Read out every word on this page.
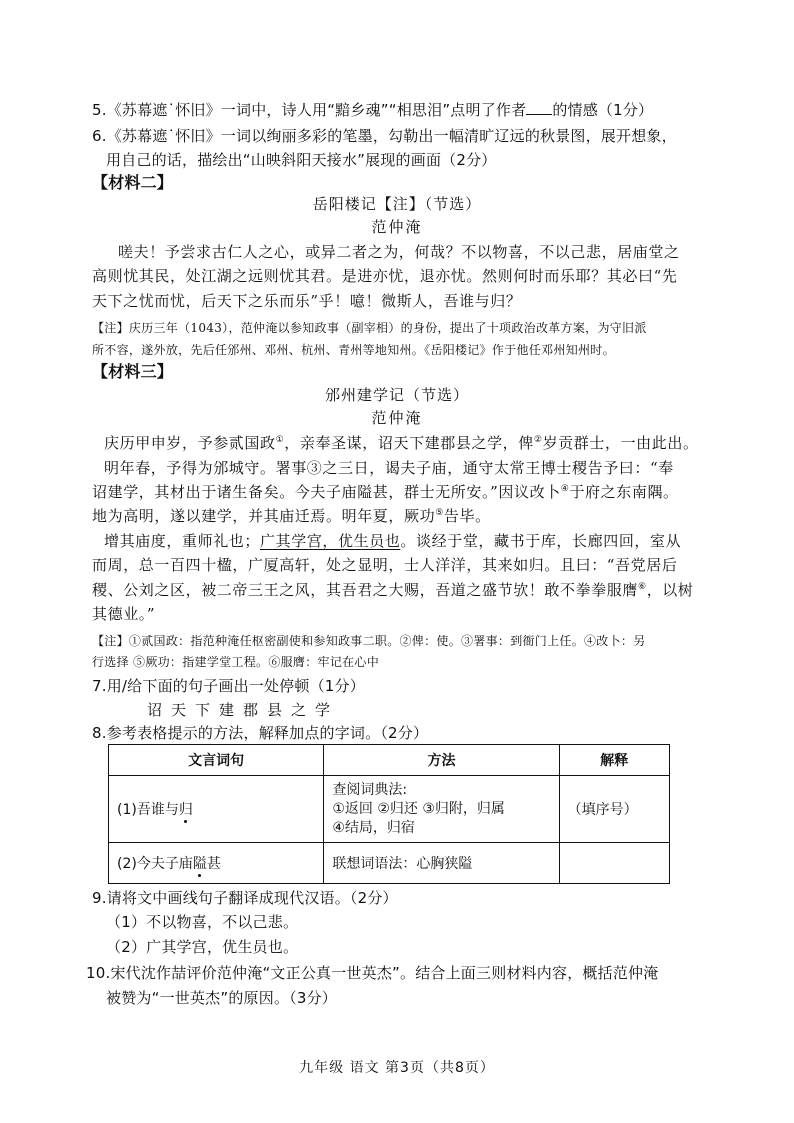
5.《苏幕遮˙怀旧》一词中，诗人用“黯乡魂”“相思泪”点明了作者 的情感（1分）
6.《苏幕遮˙怀旧》一词以绚丽多彩的笔墨，勾勒出一幅清旷辽远的秋景图，展开想象，
用自己的话，描绘出“山映斜阳天接水”展现的画面（2分）
【材料二】
岳阳楼记【注】（节选）
范仲淹
嗟夫！予尝求古仁人之心，或异二者之为，何哉？不以物喜，不以己悲，居庙堂之
高则忧其民，处江湖之远则忧其君。是进亦忧，退亦忧。然则何时而乐耶？其必曰“先
天下之忧而忧，后天下之乐而乐”乎！噫！微斯人，吾谁与归？
【注】庆历三年（1043），范仲淹以参知政事（副宰相）的身份，提出了十项政治改革方案，为守旧派
所不容，遂外放，先后任邠州、邓州、杭州、青州等地知州。《岳阳楼记》作于他任邓州知州时。
【材料三】
邠州建学记（节选）
范仲淹
庆历甲申岁，予参贰国政①，亲奉圣谋，诏天下建郡县之学，俾②岁贡群士，一由此出。
明年春，予得为邠城守。署事③之三日，谒夫子庙，通守太常王博士稷告予曰：“奉
诏建学，其材出于诸生备矣。今夫子庙隘甚，群士无所安。”因议改卜④于府之东南隅。
地为高明，遂以建学，并其庙迁焉。明年夏，厥功⑤告毕。
增其庙度，重师礼也；广其学宫，优生员也。谈经于堂，藏书于库，长廊四回，室从
而周，总一百四十楹，广厦高轩，处之显明，士人洋洋，其来如归。且曰：“吾党居后
稷、公刘之区，被二帝三王之风，其吾君之大赐，吾道之盛节欤！敢不拳拳服膺⑥，以树
其德业。”
【注】①贰国政：指范种淹任枢密副使和参知政事二职。②俾：使。③署事：到衙门上任。④改卜：另
行选择 ⑤厥功：指建学堂工程。⑥服膺：牢记在心中
7.用/给下面的句子画出一处停顿（1分）
诏天下建郡县之学
8.参考表格提示的方法，解释加点的字词。（2分）
文言词句	方法	解释
(1)吾谁与归	查阅词典法:
①返回 ②归还 ③归附，归属
④结局，归宿	（填序号）
(2)今夫子庙隘甚	联想词语法：心胸狭隘	
9.请将文中画线句子翻译成现代汉语。（2分）
（1）不以物喜，不以己悲。
（2）广其学宫，优生员也。
10.宋代沈作喆评价范仲淹“文正公真一世英杰”。结合上面三则材料内容，概括范仲淹
被赞为“一世英杰”的原因。（3分）
九年级 语文 第3页（共8页）
